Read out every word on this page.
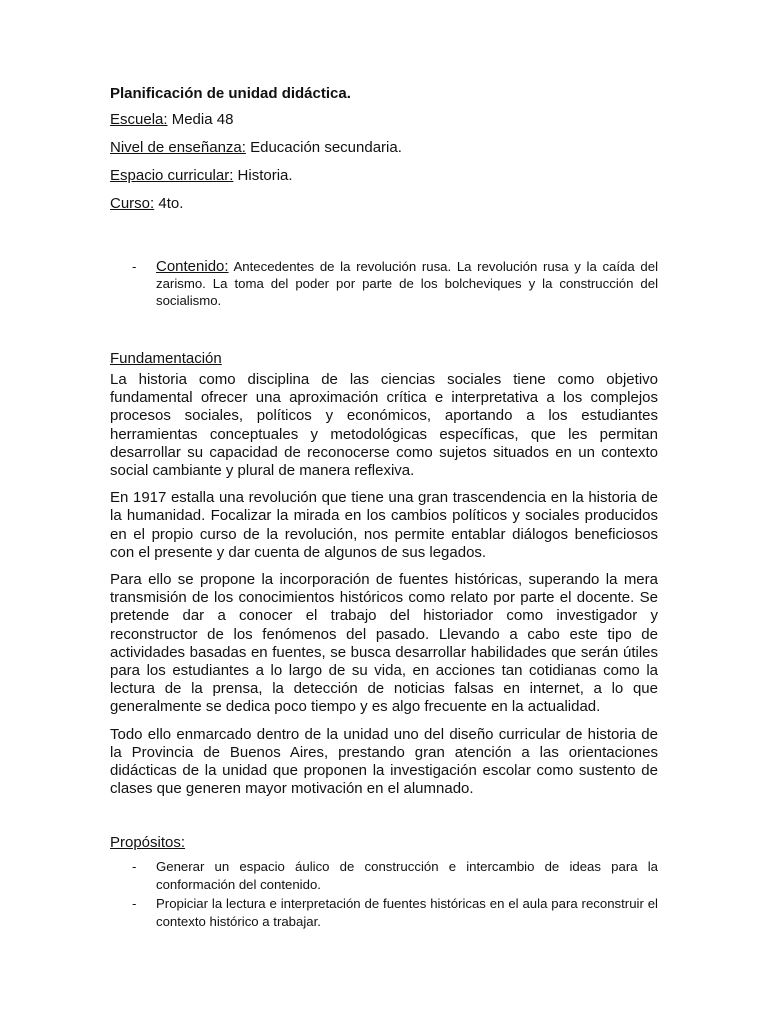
Planificación de unidad didáctica.
Escuela: Media 48
Nivel de enseñanza: Educación secundaria.
Espacio curricular: Historia.
Curso: 4to.
- Contenido: Antecedentes de la revolución rusa. La revolución rusa y la caída del zarismo. La toma del poder por parte de los bolcheviques y la construcción del socialismo.
Fundamentación

La historia como disciplina de las ciencias sociales tiene como objetivo fundamental ofrecer una aproximación crítica e interpretativa a los complejos procesos sociales, políticos y económicos, aportando a los estudiantes herramientas conceptuales y metodológicas específicas, que les permitan desarrollar su capacidad de reconocerse como sujetos situados en un contexto social cambiante y plural de manera reflexiva.

En 1917 estalla una revolución que tiene una gran trascendencia en la historia de la humanidad. Focalizar la mirada en los cambios políticos y sociales producidos en el propio curso de la revolución, nos permite entablar diálogos beneficiosos con el presente y dar cuenta de algunos de sus legados.

Para ello se propone la incorporación de fuentes históricas, superando la mera transmisión de los conocimientos históricos como relato por parte el docente. Se pretende dar a conocer el trabajo del historiador como investigador y reconstructor de los fenómenos del pasado. Llevando a cabo este tipo de actividades basadas en fuentes, se busca desarrollar habilidades que serán útiles para los estudiantes a lo largo de su vida, en acciones tan cotidianas como la lectura de la prensa, la detección de noticias falsas en internet, a lo que generalmente se dedica poco tiempo y es algo frecuente en la actualidad.

Todo ello enmarcado dentro de la unidad uno del diseño curricular de historia de la Provincia de Buenos Aires, prestando gran atención a las orientaciones didácticas de la unidad que proponen la investigación escolar como sustento de clases que generen mayor motivación en el alumnado.

Propósitos:
- Generar un espacio áulico de construcción e intercambio de ideas para la conformación del contenido.
- Propiciar la lectura e interpretación de fuentes históricas en el aula para reconstruir el contexto histórico a trabajar.
